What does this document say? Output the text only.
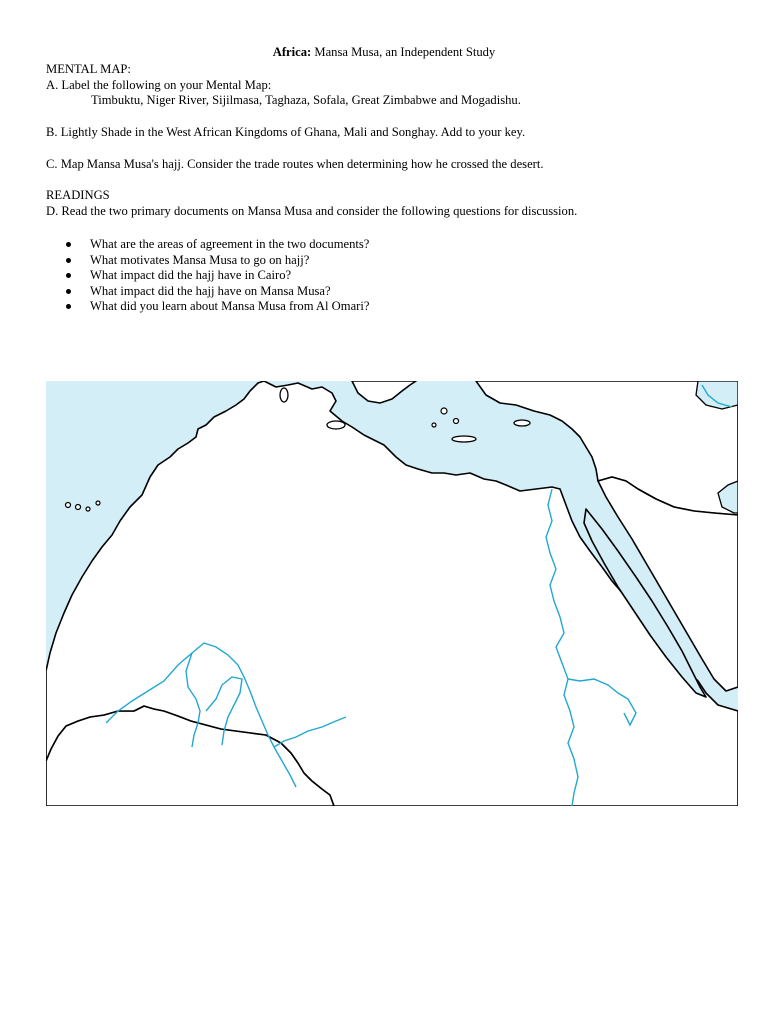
Africa: Mansa Musa, an Independent Study
MENTAL MAP:
A. Label the following on your Mental Map:
Timbuktu, Niger River, Sijilmasa, Taghaza, Sofala, Great Zimbabwe and Mogadishu.
B. Lightly Shade in the West African Kingdoms of Ghana, Mali and Songhay. Add to your key.
C. Map Mansa Musa's hajj. Consider the trade routes when determining how he crossed the desert.
READINGS
D. Read the two primary documents on Mansa Musa and consider the following questions for discussion.
What are the areas of agreement in the two documents?
What motivates Mansa Musa to go on hajj?
What impact did the hajj have in Cairo?
What impact did the hajj have on Mansa Musa?
What did you learn about Mansa Musa from Al Omari?
